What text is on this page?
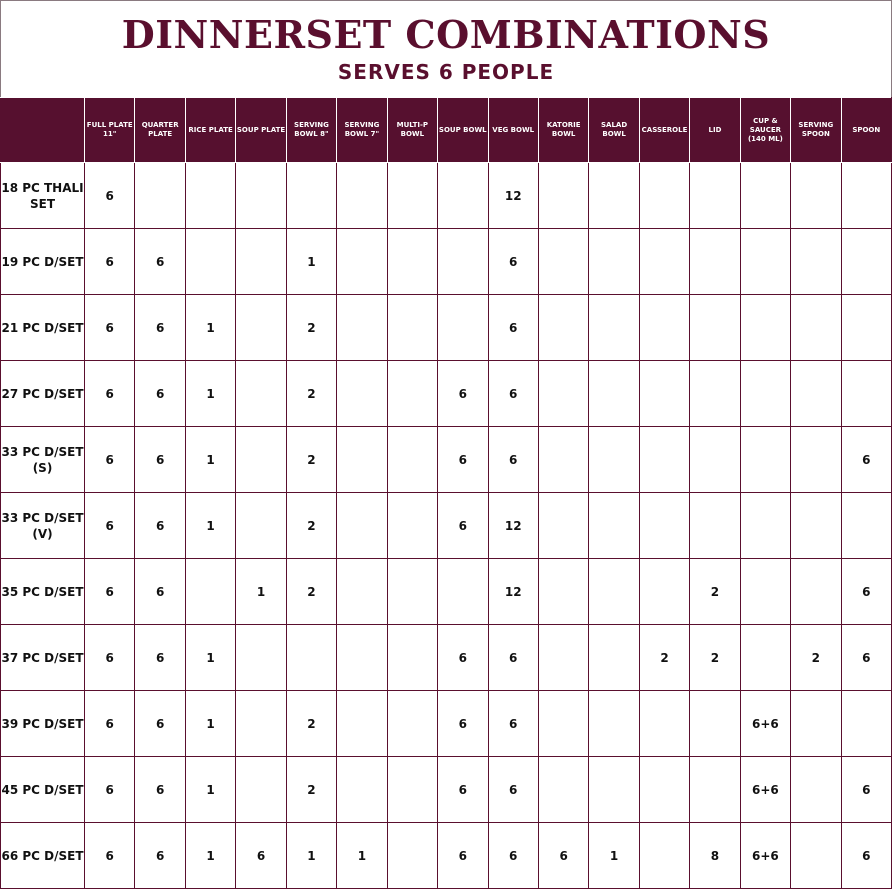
DINNERSET COMBINATIONS
SERVES 6 PEOPLE
	FULL PLATE 11"	QUARTER PLATE	RICE PLATE	SOUP PLATE	SERVING BOWL 8"	SERVING BOWL 7"	MULTI-P BOWL	SOUP BOWL	VEG BOWL	KATORIE BOWL	SALAD BOWL	CASSEROLE	LID	CUP & SAUCER (140 ML)	SERVING SPOON	SPOON
18 PC THALI SET	6								12							
19 PC D/SET	6	6			1				6							
21 PC D/SET	6	6	1		2				6							
27 PC D/SET	6	6	1		2			6	6							
33 PC D/SET (S)	6	6	1		2			6	6							6
33 PC D/SET (V)	6	6	1		2			6	12							
35 PC D/SET	6	6		1	2				12				2			6
37 PC D/SET	6	6	1					6	6			2	2		2	6
39 PC D/SET	6	6	1		2			6	6					6+6		
45 PC D/SET	6	6	1		2			6	6					6+6		6
66 PC D/SET	6	6	1	6	1	1		6	6	6	1		8	6+6		6
